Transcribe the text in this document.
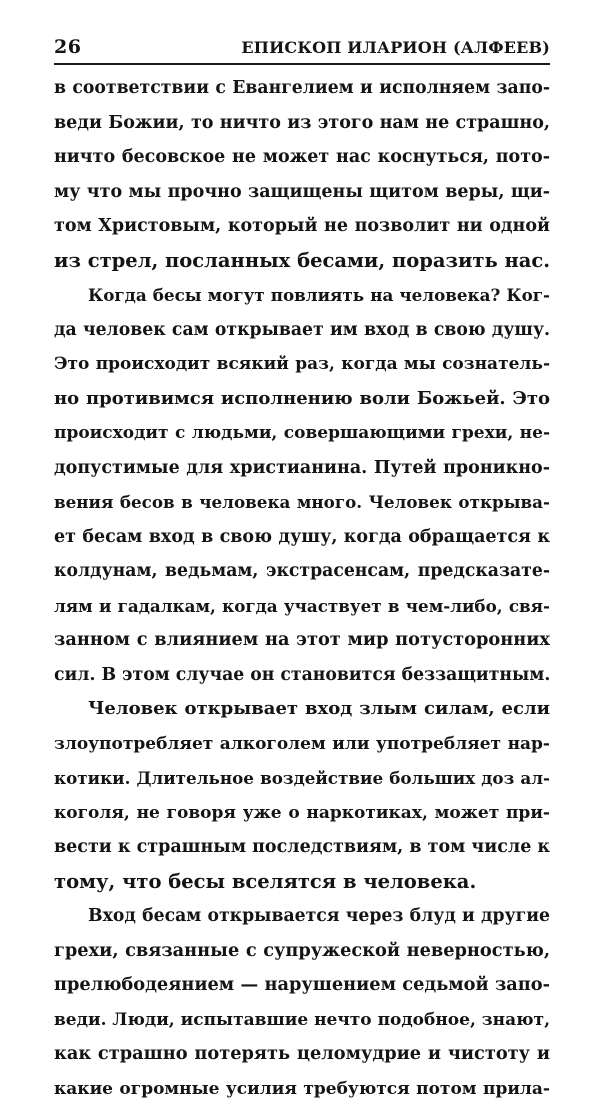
26	ЕПИСКОП ИЛАРИОН (АЛФЕЕВ)
в соответствии с Евангелием и исполняем запо-
веди Божии, то ничто из этого нам не страшно,
ничто бесовское не может нас коснуться, пото-
му что мы прочно защищены щитом веры, щи-
том Христовым, который не позволит ни одной
из стрел, посланных бесами, поразить нас.
Когда бесы могут повлиять на человека? Ког-
да человек сам открывает им вход в свою душу.
Это происходит всякий раз, когда мы сознатель-
но противимся исполнению воли Божьей. Это
происходит с людьми, совершающими грехи, не-
допустимые для христианина. Путей проникно-
вения бесов в человека много. Человек открыва-
ет бесам вход в свою душу, когда обращается к
колдунам, ведьмам, экстрасенсам, предсказате-
лям и гадалкам, когда участвует в чем-либо, свя-
занном с влиянием на этот мир потусторонних
сил. В этом случае он становится беззащитным.
Человек открывает вход злым силам, если
злоупотребляет алкоголем или употребляет нар-
котики. Длительное воздействие больших доз ал-
коголя, не говоря уже о наркотиках, может при-
вести к страшным последствиям, в том числе к
тому, что бесы вселятся в человека.
Вход бесам открывается через блуд и другие
грехи, связанные с супружеской неверностью,
прелюбодеянием — нарушением седьмой запо-
веди. Люди, испытавшие нечто подобное, знают,
как страшно потерять целомудрие и чистоту и
какие огромные усилия требуются потом прила-
